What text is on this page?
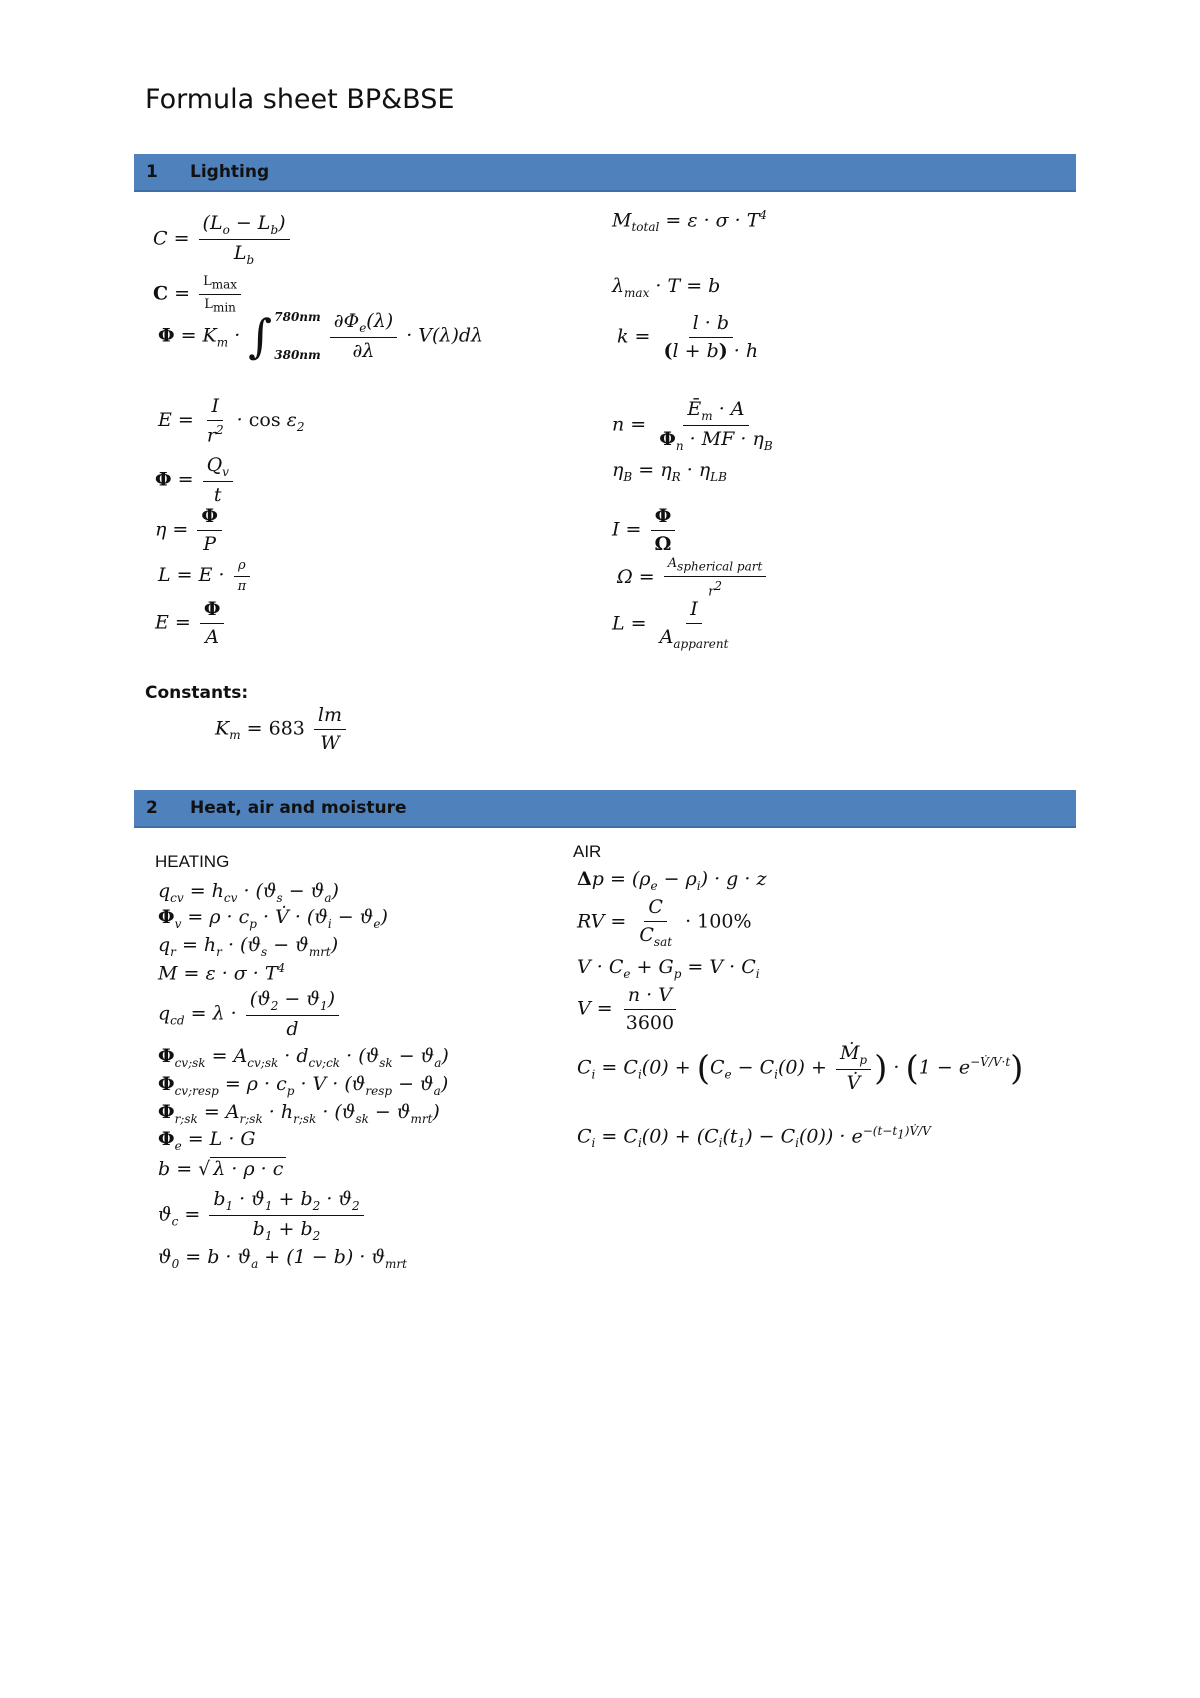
Formula sheet BP&BSE
1	Lighting
$C = \frac{(L_o - L_b)}{L_b}$
$C = \frac{L_{max}}{L_{min}}$
$\Phi = K_m$ · ∫ 780nm
380nm
$\frac{\partial\Phi_e(\lambda)}{\partial\lambda} \cdot V(\lambda)d\lambda$
$E = \frac{I}{r^2} \cdot \cos \varepsilon_2$
$\Phi = \frac{Q_v}{t}$
$\eta = \frac{\Phi}{P}$
$L = E \cdot \frac{\rho}{\pi}$
$E = \frac{\Phi}{A}$
$M_{total} = \varepsilon \cdot \sigma \cdot T^4$
$\lambda_{max} \cdot T = b$
$k = \frac{l \cdot b}{(l + b) \cdot h}$
$n = \frac{Ē_m \cdot A}{\Phi_n \cdot MF \cdot \eta_B}$
$\eta_B = \eta_R \cdot \eta_{LB}$
$I = \frac{\Phi}{\Omega}$
$\Omega = \frac{A_{spherical part}}{r^2}$
$L = \frac{I}{A_{apparent}}$
Constants:
$K_m = 683 \frac{lm}{W}$
2	Heat, air and moisture
HEATING
AIR
$q_{cv} = h_{cv} \cdot (ϑ_s - ϑ_a)$
$\Phi_v = \rho \cdot c_p$ · V̇ · $(ϑ_i - ϑ_e)$
$q_r = h_r \cdot (ϑ_s - ϑ_{mrt})$
$M = \varepsilon \cdot \sigma \cdot T^4$
$q_{cd} = \lambda \cdot \frac{(ϑ_2 - ϑ_1)}{d}$
$\Phi_{cv;sk} = A_{cv;sk} \cdot d_{cv;ck} \cdot (ϑ_{sk} - ϑ_a)$
$\Phi_{cv;resp} = \rho \cdot c_p \cdot V \cdot (ϑ_{resp} - ϑ_a)$
$\Phi_{r;sk} = A_{r;sk} \cdot h_{r;sk} \cdot (ϑ_{sk} - ϑ_{mrt})$
$\Phi_e = L \cdot G$
b = √ λ · ρ · c
$ϑ_c = \frac{b_1 \cdot ϑ_1 + b_2 \cdot ϑ_2}{b_1 + b_2}$
$ϑ_0 = b \cdot ϑ_a + (1 - b) \cdot ϑ_{mrt}$
$\Delta p = (\rho_e - \rho_i) \cdot g \cdot z$
RV = $\frac{C}{C_{sat}} \cdot 100\%$
$V \cdot C_e + G_p = V \cdot C_i$
$V = \frac{n \cdot V}{3600}$
$C_i = C_i(0) + (C_e - C_i(0) + \frac{Ṁ_p}{V̇}$ ) · $(1 - e^{-V̇/V\cdot t})$
$C_i = C_i(0) + (C_i(t_1) - C_i(0)) \cdot e^{-(t-t_1)V̇/V}$
